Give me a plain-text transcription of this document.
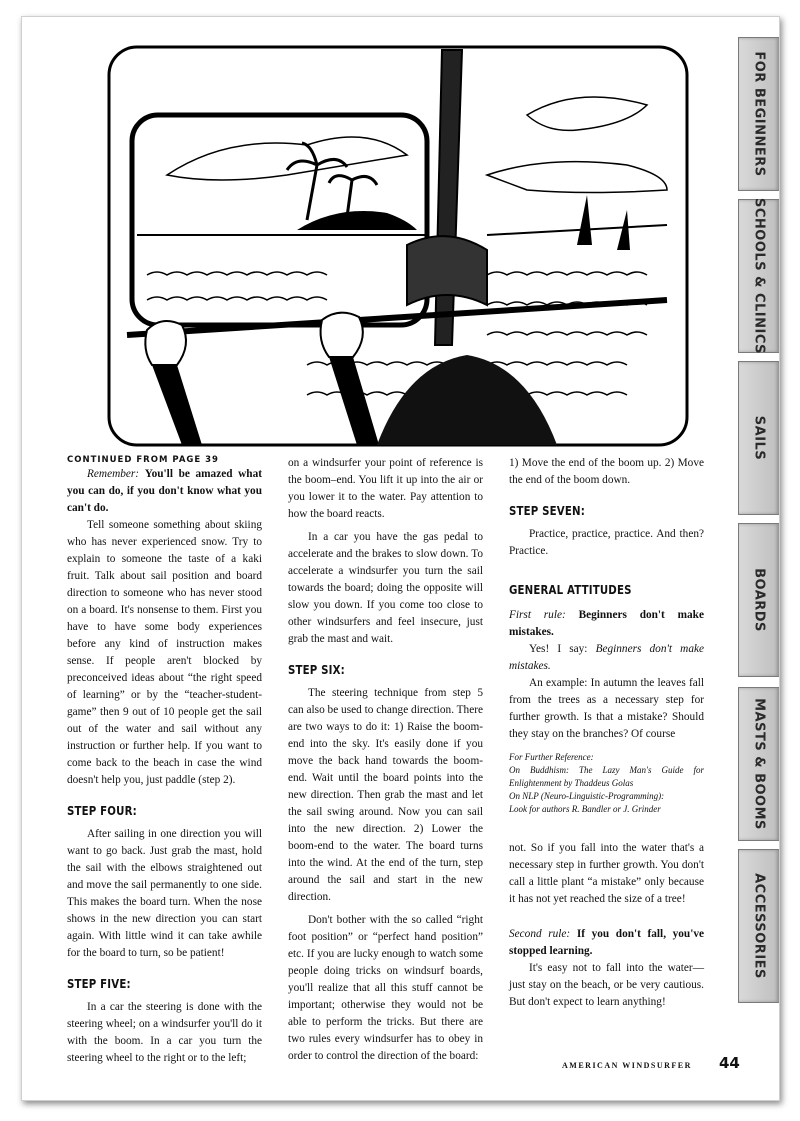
FOR BEGINNERS
SCHOOLS & CLINICS
SAILS
BOARDS
MASTS & BOOMS
ACCESSORIES
CONTINUED FROM PAGE 39

Remember: You'll be amazed what you can do, if you don't know what you can't do.

Tell someone something about skiing who has never experienced snow. Try to explain to someone the taste of a kaki fruit. Talk about sail position and board direction to someone who has never stood on a board. It's nonsense to them. First you have to have some body experiences before any kind of instruction makes sense. If people aren't blocked by preconceived ideas about “the right speed of learning” or by the “teacher-student-game” then 9 out of 10 people get the sail out of the water and sail without any instruction or further help. If you want to come back to the beach in case the wind doesn't help you, just paddle (step 2).

STEP FOUR:

After sailing in one direction you will want to go back. Just grab the mast, hold the sail with the elbows straightened out and move the sail permanently to one side. This makes the board turn. When the nose shows in the new direction you can start again. With little wind it can take awhile for the board to turn, so be patient!

STEP FIVE:

In a car the steering is done with the steering wheel; on a windsurfer you'll do it with the boom. In a car you turn the steering wheel to the right or to the left;

on a windsurfer your point of reference is the boom–end. You lift it up into the air or you lower it to the water. Pay attention to how the board reacts.

In a car you have the gas pedal to accelerate and the brakes to slow down. To accelerate a windsurfer you turn the sail towards the board; doing the opposite will slow you down. If you come too close to other windsurfers and feel insecure, just grab the mast and wait.

STEP SIX:

The steering technique from step 5 can also be used to change direction. There are two ways to do it: 1) Raise the boom-end into the sky. It's easily done if you move the back hand towards the boom-end. Wait until the board points into the new direction. Then grab the mast and let the sail swing around. Now you can sail into the new direction. 2) Lower the boom-end to the water. The board turns into the wind. At the end of the turn, step around the sail and start in the new direction.

Don't bother with the so called “right foot position” or “perfect hand position” etc. If you are lucky enough to watch some people doing tricks on windsurf boards, you'll realize that all this stuff cannot be important; otherwise they would not be able to perform the tricks. But there are two rules every windsurfer has to obey in order to control the direction of the board:

1) Move the end of the boom up. 2) Move the end of the boom down.

STEP SEVEN:

Practice, practice, practice. And then? Practice.

GENERAL ATTITUDES

First rule: Beginners don't make mistakes.

Yes! I say: Beginners don't make mistakes.

An example: In autumn the leaves fall from the trees as a necessary step for further growth. Is that a mistake? Should they stay on the branches? Of course

For Further Reference:
On Buddhism: The Lazy Man's Guide for Enlightenment by Thaddeus Golas
On NLP (Neuro-Linguistic-Programming):
Look for authors R. Bandler or J. Grinder

not. So if you fall into the water that's a necessary step in further growth. You don't call a little plant “a mistake” only because it has not yet reached the size of a tree!

Second rule: If you don't fall, you've stopped learning.

It's easy not to fall into the water—just stay on the beach, or be very cautious. But don't expect to learn anything!

AMERICAN WINDSURFER 44
